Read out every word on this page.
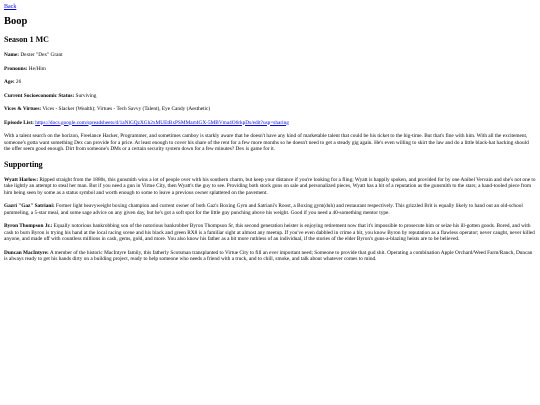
Back
Boop
Season 1 MC

Name: Dexter "Dex" Grant

Pronouns: He/Him

Age: 26

Current Socioeconomic Status: Surviving

Vices & Virtues: Vices - Slacker (Wealth); Virtues - Tech Savvy (Talent), Eye Candy (Aesthetic)

Episode List: https://docs.google.com/spreadsheets/d/1aNlGQzXGh2xMUEtBxPSMMart4GX-5MBVma4O6rkpDs/edit?usp=sharing

With a talent search on the horizon, Freelance Hacker, Programmer, and sometimes camboy is starkly aware that he doesn't have any kind of marketable talent that could be his ticket to the big-time. But that's fine with him. With all the excitement, someone's gotta want something Dex can provide for a price. At least enough to cover his share of the rent for a few more months so he doesn't need to get a steady gig again. He's even willing to skirt the law and do a little black-hat hacking should the offer seem good enough. Dirt from someone's DMs or a certain security system down for a few minutes? Dex is game for it.

Supporting

Wyatt Harlow: Ripped straight from the 1880s, this gunsmith wins a lot of people over with his southern charm, but keep your distance if you're looking for a fling; Wyatt is happily spoken, and provided for by one Anibel Vervain and she's not one to take lightly an attempt to steal her man. But if you need a gun in Virtue City, then Wyatt's the guy to see. Providing both stock guns on sale and personalized pieces, Wyatt has a bit of a reputation as the gunsmith to the stars; a hand-tooled piece from him being seen by some as a status symbol and worth enough to some to leave a previous owner splattered on the pavement.

Gazri "Gaz" Satriani: Former light heavyweight boxing champion and current owner of both Gaz's Boxing Gym and Satriani's Roost, a Boxing gym(duh) and restaurant respectively. This grizzled Brit is equally likely to hand out an old-school pummeling, a 5-star meal, and some sage advice on any given day, but he's got a soft spot for the little guy punching above his weight. Good if you need a 40-something mentor type.

Byron Thompson Jr.: Equally notorious bankrobbing son of the notorious bankrobber Byron Thompson Sr, this second generation heister is enjoying retirement now that it's impossible to prosecute him or seize his ill-gotten goods. Bored, and with cash to burn Byron is trying his hand at the local racing scene and his black and green RX8 is a familiar sight at almost any meetup. If you've even dabbled in crime a bit, you know Byron by reputation as a flawless operator; never caught, never killed anyone, and made off with countless millions in cash, gems, gold, and more. You also know his father as a bit more ruthless of an individual, if the stories of the elder Byron's guns-a-blazing heists are to be believed.

Duncan MacIntyre: A member of the historic MacIntyre family, this fatherly Scotsman transplanted to Virtue City to fill an ever important need; Someone to provide that gud shit. Operating a combination Apple Orchard/Weed Farm/Ranch, Duncan is always ready to get his hands dirty on a building project, ready to help someone who needs a friend with a truck, and to chill, smoke, and talk about whatever comes to mind.
